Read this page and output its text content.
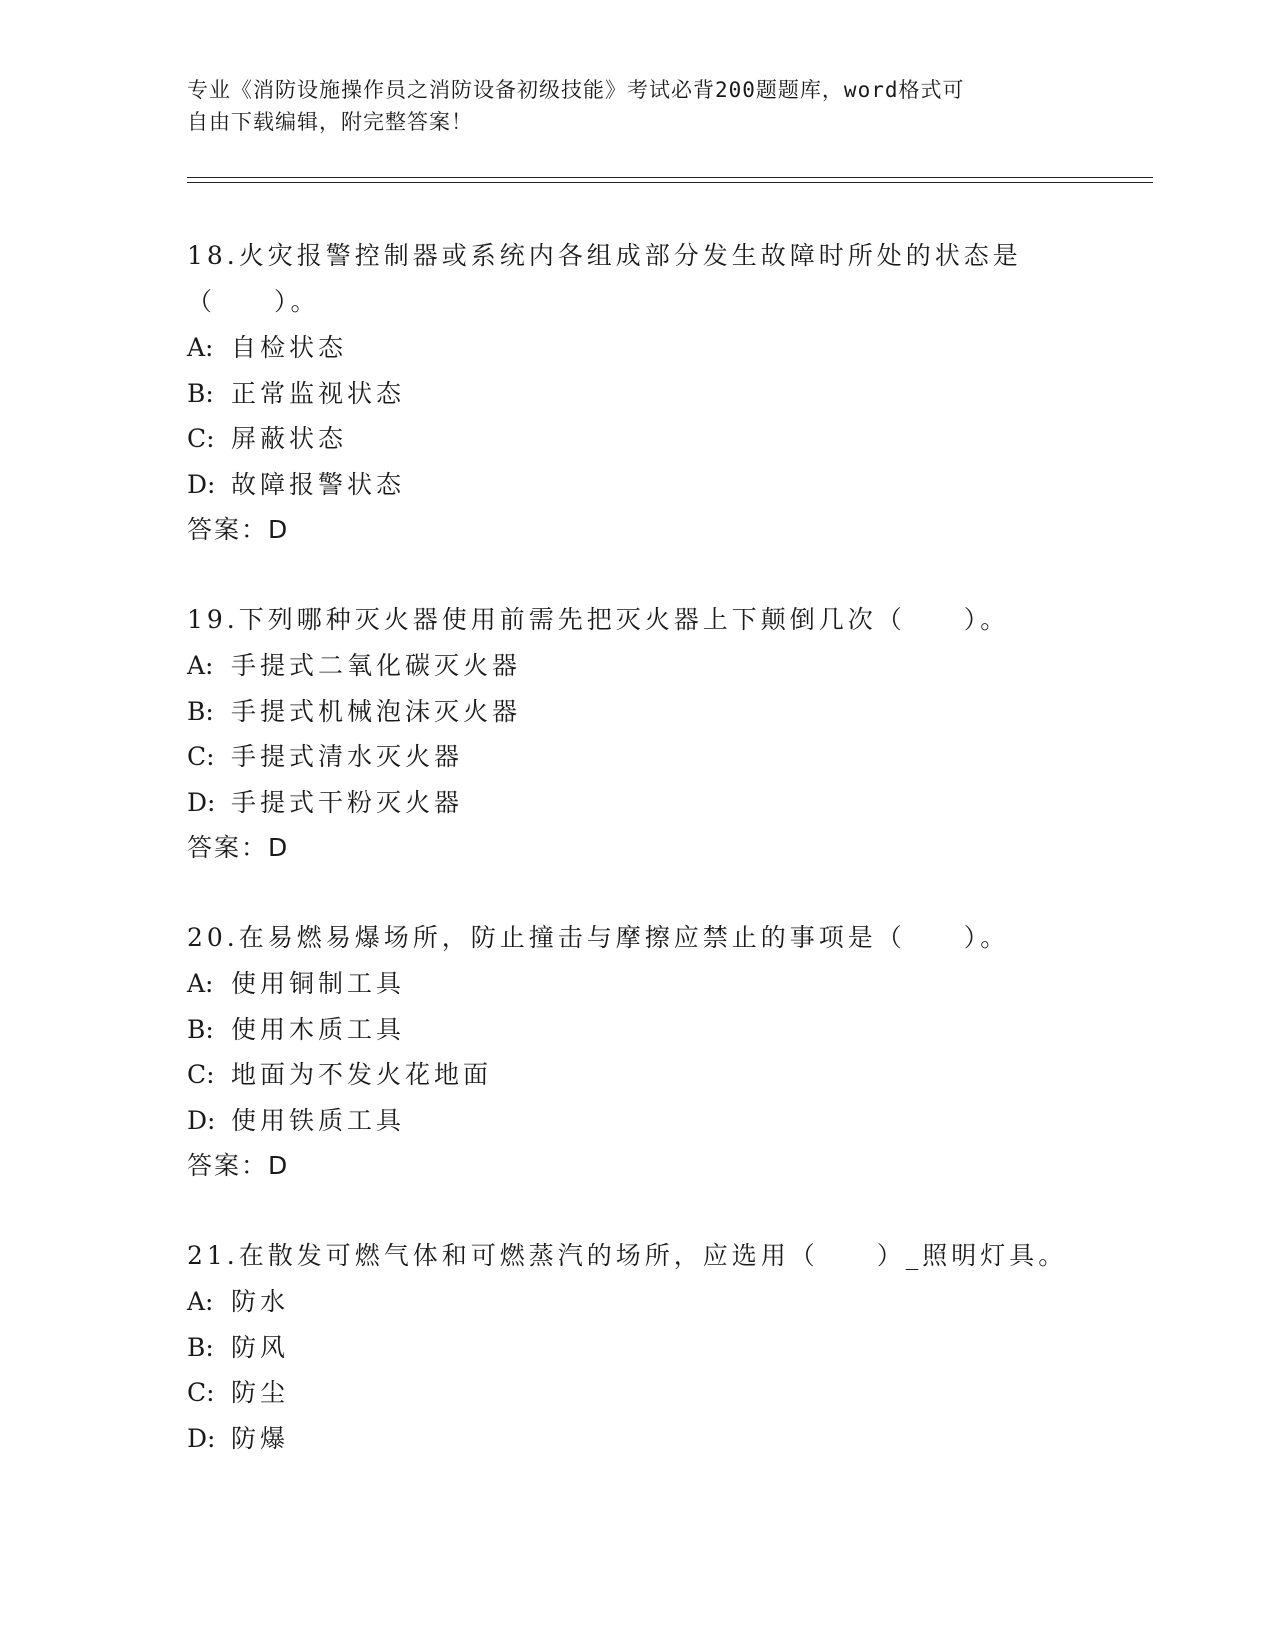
专业《消防设施操作员之消防设备初级技能》考试必背200题题库，word格式可
自由下载编辑，附完整答案！

18.火灾报警控制器或系统内各组成部分发生故障时所处的状态是（　　）。

A: 自检状态
B: 正常监视状态
C: 屏蔽状态
D: 故障报警状态
答案：D

19.下列哪种灭火器使用前需先把灭火器上下颠倒几次（　　）。

A: 手提式二氧化碳灭火器
B: 手提式机械泡沫灭火器
C: 手提式清水灭火器
D: 手提式干粉灭火器
答案：D

20.在易燃易爆场所，防止撞击与摩擦应禁止的事项是（　　）。

A: 使用铜制工具
B: 使用木质工具
C: 地面为不发火花地面
D: 使用铁质工具
答案：D

21.在散发可燃气体和可燃蒸汽的场所，应选用（　　）_照明灯具。

A: 防水
B: 防风
C: 防尘
D: 防爆
